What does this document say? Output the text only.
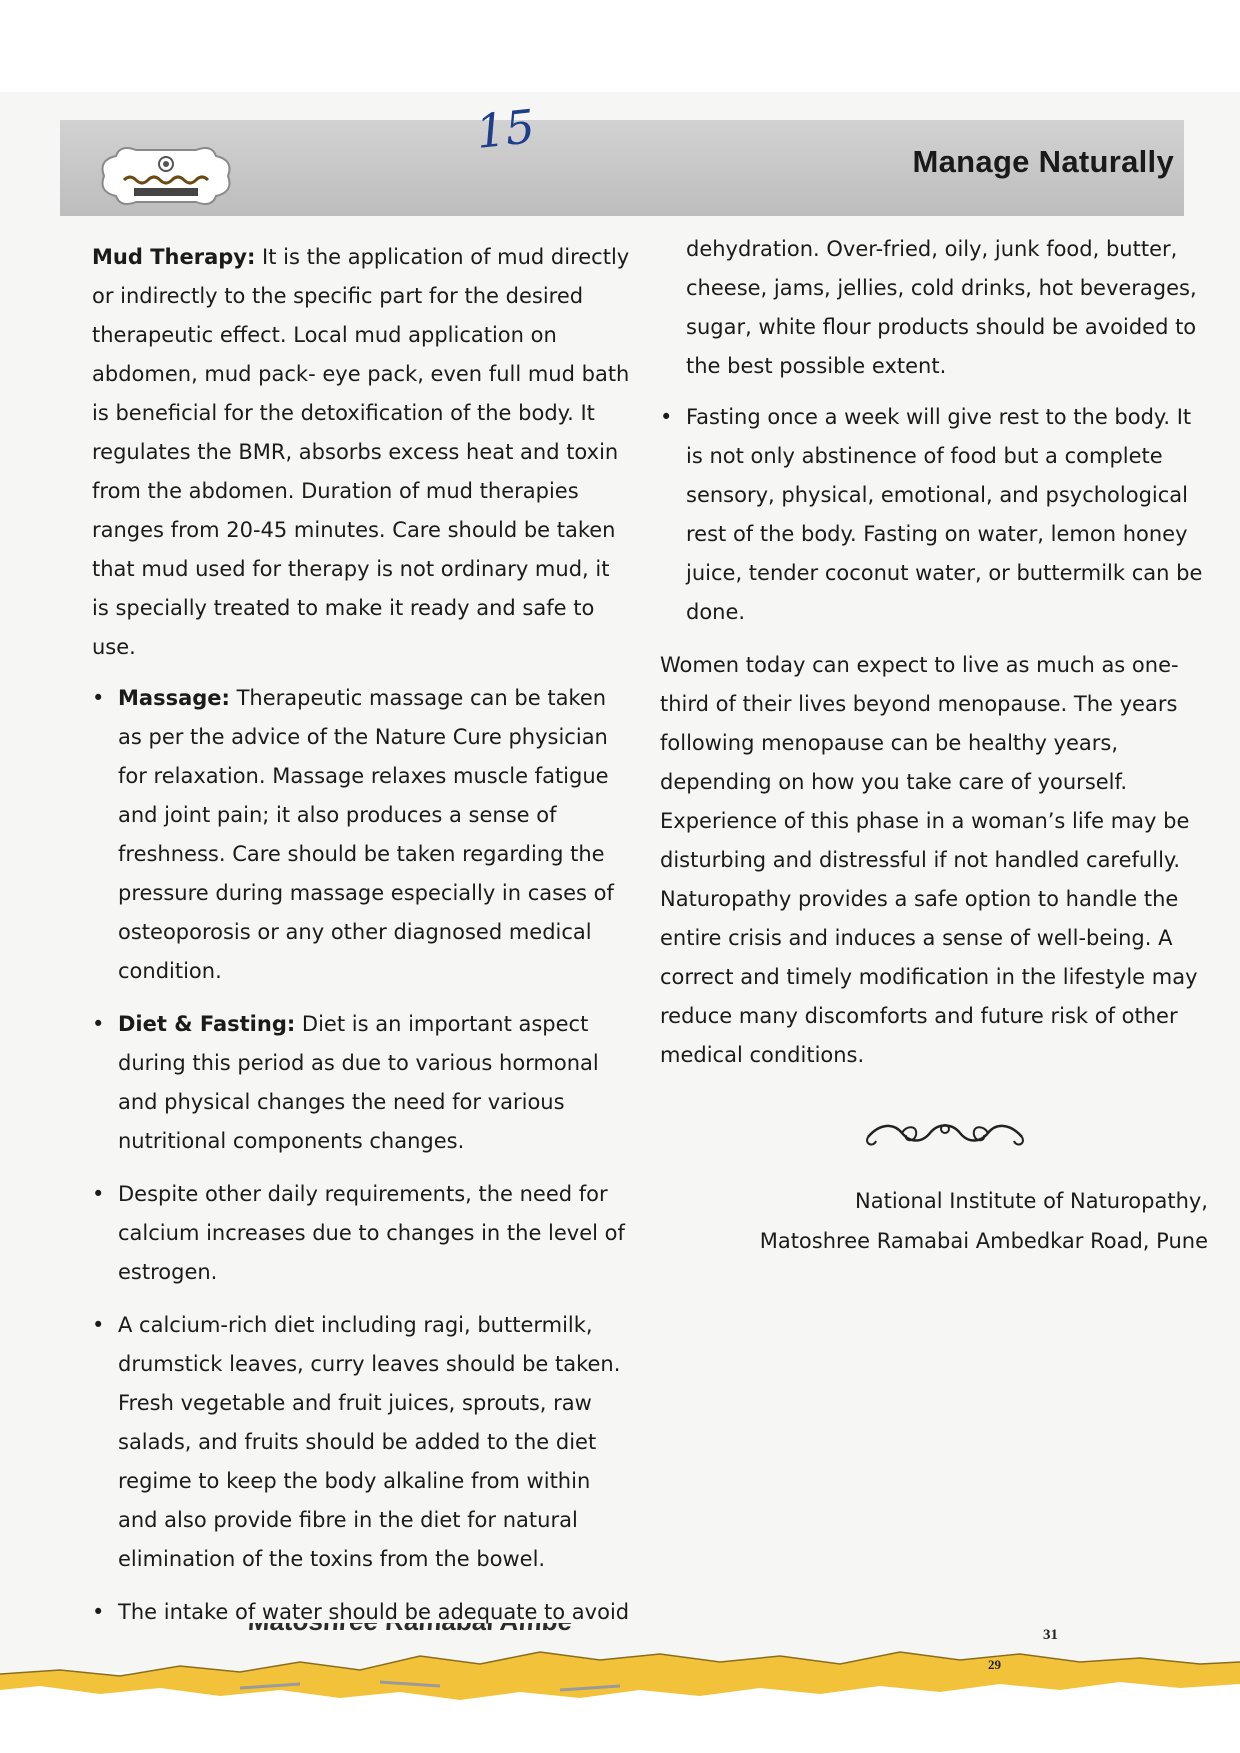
15
Manage Naturally

Mud Therapy: It is the application of mud directly or indirectly to the specific part for the desired therapeutic effect. Local mud application on abdomen, mud pack- eye pack, even full mud bath is beneficial for the detoxification of the body. It regulates the BMR, absorbs excess heat and toxin from the abdomen. Duration of mud therapies ranges from 20-45 minutes. Care should be taken that mud used for therapy is not ordinary mud, it is specially treated to make it ready and safe to use.

• Massage: Therapeutic massage can be taken as per the advice of the Nature Cure physician for relaxation. Massage relaxes muscle fatigue and joint pain; it also produces a sense of freshness. Care should be taken regarding the pressure during massage especially in cases of osteoporosis or any other diagnosed medical condition.
• Diet & Fasting: Diet is an important aspect during this period as due to various hormonal and physical changes the need for various nutritional components changes.
• Despite other daily requirements, the need for calcium increases due to changes in the level of estrogen.
• A calcium-rich diet including ragi, buttermilk, drumstick leaves, curry leaves should be taken. Fresh vegetable and fruit juices, sprouts, raw salads, and fruits should be added to the diet regime to keep the body alkaline from within and also provide fibre in the diet for natural elimination of the toxins from the bowel.
• The intake of water should be adequate to avoid

dehydration. Over-fried, oily, junk food, butter, cheese, jams, jellies, cold drinks, hot beverages, sugar, white flour products should be avoided to the best possible extent.

• Fasting once a week will give rest to the body. It is not only abstinence of food but a complete sensory, physical, emotional, and psychological rest of the body. Fasting on water, lemon honey juice, tender coconut water, or buttermilk can be done.

Women today can expect to live as much as one-third of their lives beyond menopause. The years following menopause can be healthy years, depending on how you take care of yourself. Experience of this phase in a woman’s life may be disturbing and distressful if not handled carefully. Naturopathy provides a safe option to handle the entire crisis and induces a sense of well-being. A correct and timely modification in the lifestyle may reduce many discomforts and future risk of other medical conditions.

National Institute of Naturopathy,
Matoshree Ramabai Ambedkar Road, Pune
31
29
